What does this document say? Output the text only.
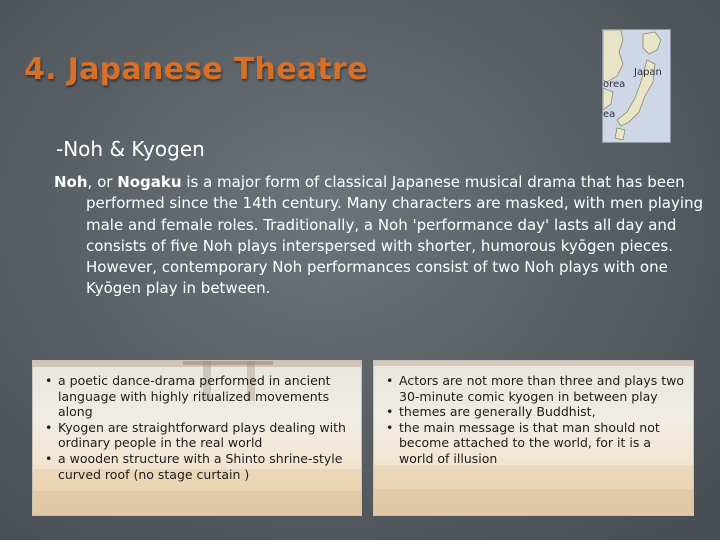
4. Japanese Theatre	Japan
orea
ea
-Noh & Kyogen

Noh, or Nogaku is a major form of classical Japanese musical drama that has been performed since the 14th century. Many characters are masked, with men playing male and female roles. Traditionally, a Noh 'performance day' lasts all day and consists of five Noh plays interspersed with shorter, humorous kyōgen pieces. However, contemporary Noh performances consist of two Noh plays with one Kyōgen play in between.

• a poetic dance-drama performed in ancient language with highly ritualized movements along
• Kyogen are straightforward plays dealing with ordinary people in the real world
• a wooden structure with a Shinto shrine-style curved roof (no stage curtain )
• Actors are not more than three and plays two 30-minute comic kyogen in between play
• themes are generally Buddhist,
• the main message is that man should not become attached to the world, for it is a world of illusion
